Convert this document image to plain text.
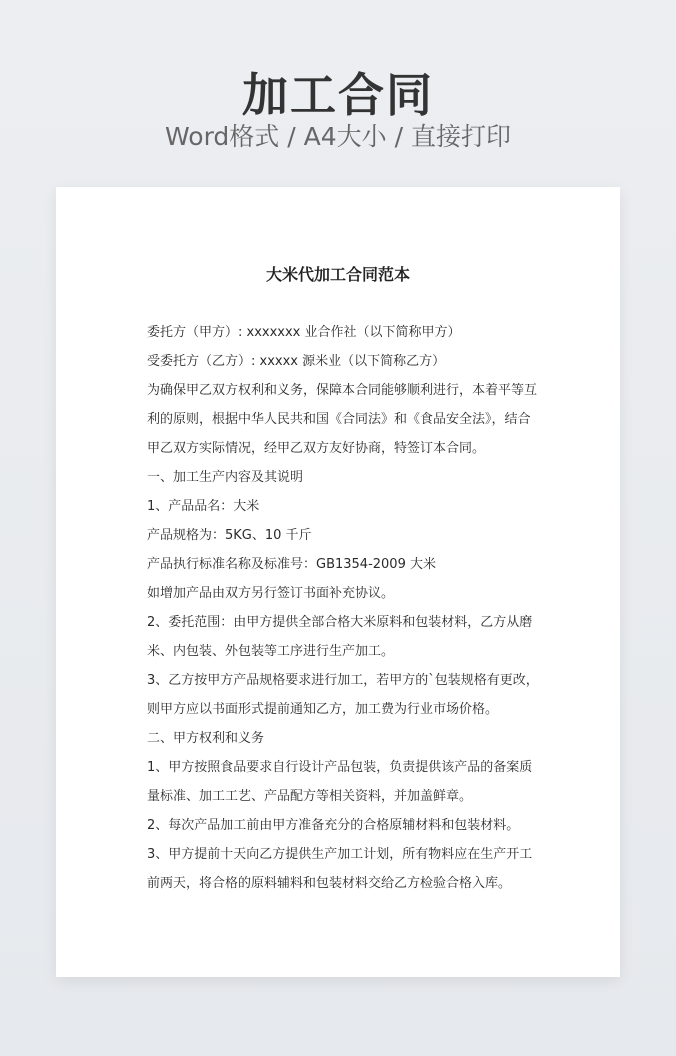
加工合同
Word格式 / A4大小 / 直接打印
大米代加工合同范本
委托方（甲方）: xxxxxxx 业合作社（以下简称甲方）
受委托方（乙方）: xxxxx 源米业（以下简称乙方）
为确保甲乙双方权利和义务，保障本合同能够顺利进行，本着平等互
利的原则，根据中华人民共和国《合同法》和《食品安全法》，结合
甲乙双方实际情况，经甲乙双方友好协商，特签订本合同。
一、加工生产内容及其说明
1、产品品名：大米
产品规格为：5KG、10 千斤
产品执行标准名称及标准号：GB1354-2009 大米
如增加产品由双方另行签订书面补充协议。
2、委托范围：由甲方提供全部合格大米原料和包装材料，乙方从磨
米、内包装、外包装等工序进行生产加工。
3、乙方按甲方产品规格要求进行加工，若甲方的`包装规格有更改，
则甲方应以书面形式提前通知乙方，加工费为行业市场价格。
二、甲方权利和义务
1、甲方按照食品要求自行设计产品包装，负责提供该产品的备案质
量标准、加工工艺、产品配方等相关资料，并加盖鲜章。
2、每次产品加工前由甲方准备充分的合格原辅材料和包装材料。
3、甲方提前十天向乙方提供生产加工计划，所有物料应在生产开工
前两天，将合格的原料辅料和包装材料交给乙方检验合格入库。
